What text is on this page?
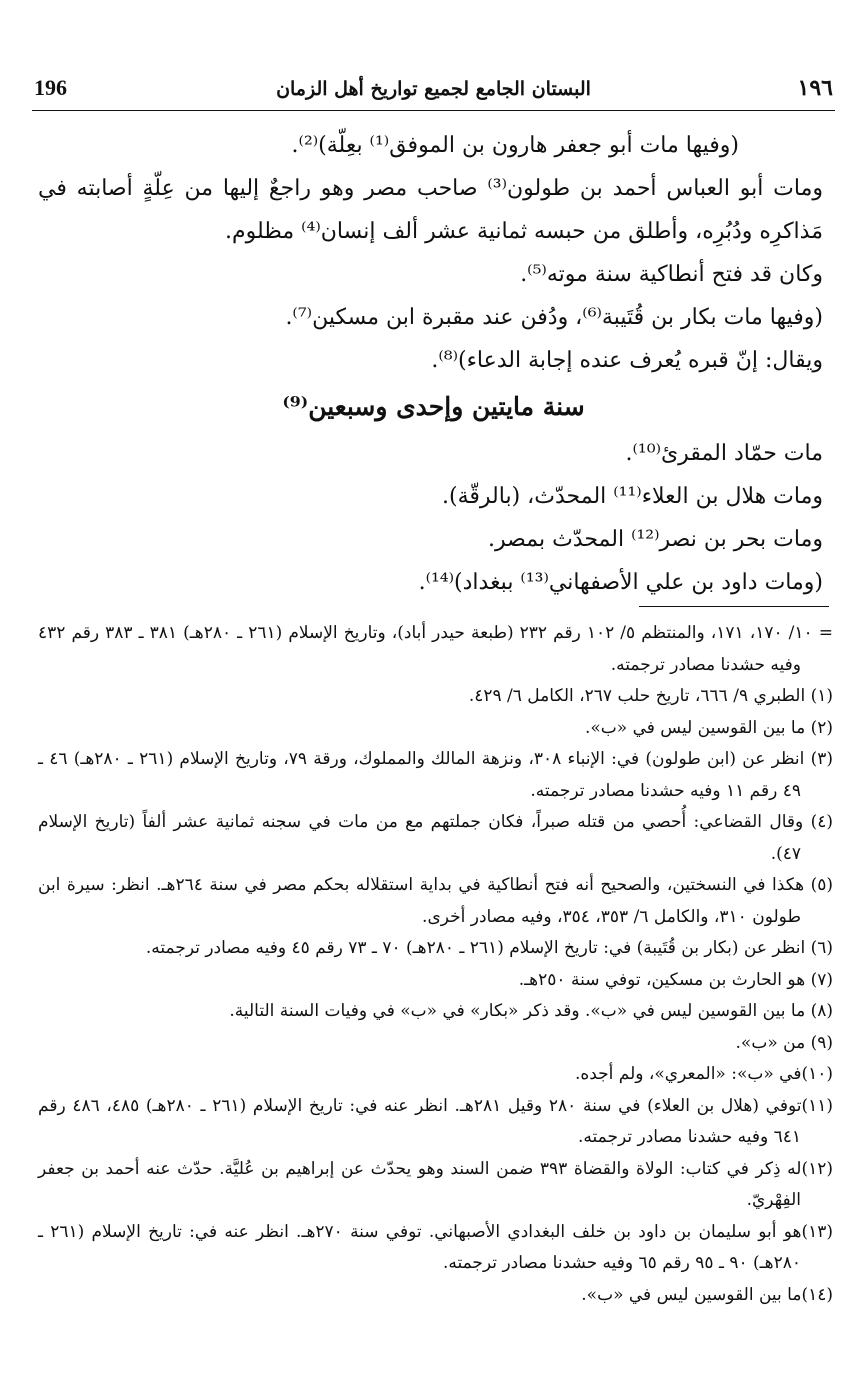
196	البستان الجامع لجميع تواريخ أهل الزمان	١٩٦

(وفيها مات أبو جعفر هارون بن الموفق⁽¹⁾ بعِلّة)⁽²⁾.

ومات أبو العباس أحمد بن طولون⁽³⁾ صاحب مصر وهو راجعٌ إليها من عِلّةٍ أصابته في مَذاكرِه ودُبُرِه، وأطلق من حبسه ثمانية عشر ألف إنسان⁽⁴⁾ مظلوم.

وكان قد فتح أنطاكية سنة موته⁽⁵⁾.

(وفيها مات بكار بن قُتَيبة⁽⁶⁾، ودُفن عند مقبرة ابن مسكين⁽⁷⁾.

ويقال: إنّ قبره يُعرف عنده إجابة الدعاء)⁽⁸⁾.

سنة مايتين وإحدى وسبعين⁽⁹⁾

مات حمّاد المقرئ⁽¹⁰⁾.

ومات هلال بن العلاء⁽¹¹⁾ المحدّث، (بالرقّة).

ومات بحر بن نصر⁽¹²⁾ المحدّث بمصر.

(ومات داود بن علي الأصفهاني⁽¹³⁾ ببغداد)⁽¹⁴⁾.

= ١٠/ ١٧٠، ١٧١، والمنتظم ٥/ ١٠٢ رقم ٢٣٢ (طبعة حيدر أباد)، وتاريخ الإسلام (٢٦١ ـ ٢٨٠هـ) ٣٨١ ـ ٣٨٣ رقم ٤٣٢ وفيه حشدنا مصادر ترجمته.

(١) الطبري ٩/ ٦٦٦، تاريخ حلب ٢٦٧، الكامل ٦/ ٤٢٩.

(٢) ما بين القوسين ليس في «ب».

(٣) انظر عن (ابن طولون) في: الإنباء ٣٠٨، ونزهة المالك والمملوك، ورقة ٧٩، وتاريخ الإسلام (٢٦١ ـ ٢٨٠هـ) ٤٦ ـ ٤٩ رقم ١١ وفيه حشدنا مصادر ترجمته.

(٤) وقال القضاعي: أُحصي من قتله صبراً، فكان جملتهم مع من مات في سجنه ثمانية عشر ألفاً (تاريخ الإسلام ٤٧).

(٥) هكذا في النسختين، والصحيح أنه فتح أنطاكية في بداية استقلاله بحكم مصر في سنة ٢٦٤هـ. انظر: سيرة ابن طولون ٣١٠، والكامل ٦/ ٣٥٣، ٣٥٤، وفيه مصادر أخرى.

(٦) انظر عن (بكار بن قُتَيبة) في: تاريخ الإسلام (٢٦١ ـ ٢٨٠هـ) ٧٠ ـ ٧٣ رقم ٤٥ وفيه مصادر ترجمته.

(٧) هو الحارث بن مسكين، توفي سنة ٢٥٠هـ.

(٨) ما بين القوسين ليس في «ب». وقد ذكر «بكار» في «ب» في وفيات السنة التالية.

(٩) من «ب».

(١٠)في «ب»: «المعري»، ولم أجده.

(١١)توفي (هلال بن العلاء) في سنة ٢٨٠ وقيل ٢٨١هـ. انظر عنه في: تاريخ الإسلام (٢٦١ ـ ٢٨٠هـ) ٤٨٥، ٤٨٦ رقم ٦٤١ وفيه حشدنا مصادر ترجمته.

(١٢)له ذِكر في كتاب: الولاة والقضاة ٣٩٣ ضمن السند وهو يحدّث عن إبراهيم بن عُليَّة. حدّث عنه أحمد بن جعفر الفِهْريّ.

(١٣)هو أبو سليمان بن داود بن خلف البغدادي الأصبهاني. توفي سنة ٢٧٠هـ. انظر عنه في: تاريخ الإسلام (٢٦١ ـ ٢٨٠هـ) ٩٠ ـ ٩٥ رقم ٦٥ وفيه حشدنا مصادر ترجمته.

(١٤)ما بين القوسين ليس في «ب».
